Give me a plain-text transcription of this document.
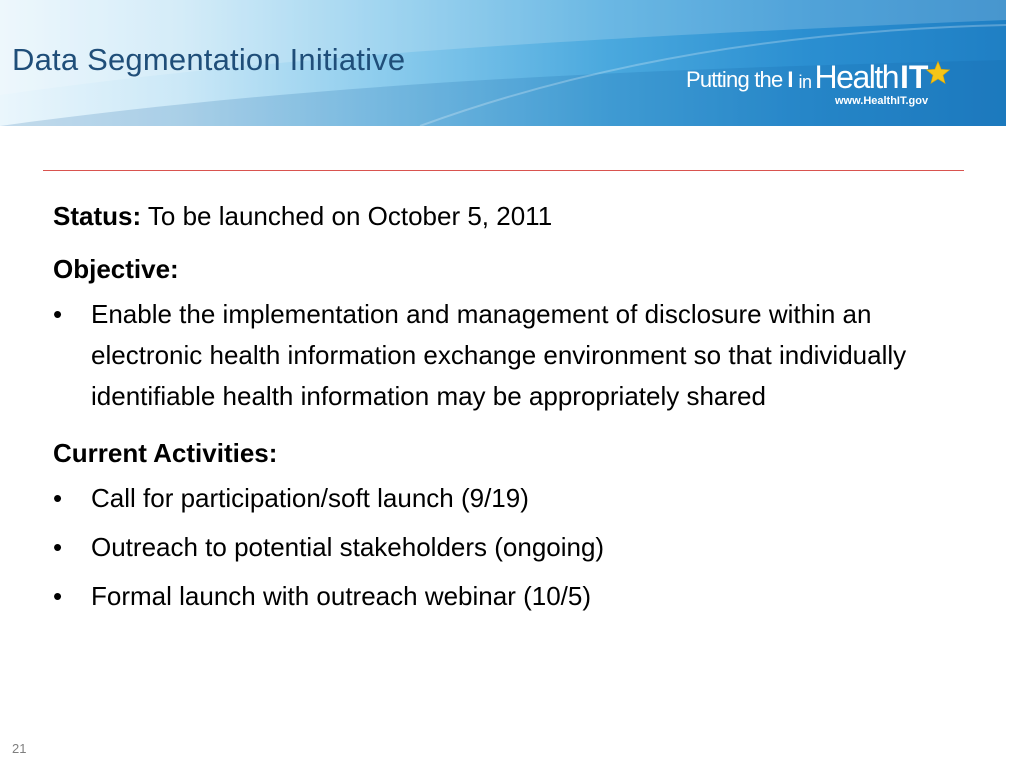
Data Segmentation Initiative
Putting the I in Health IT
www.HealthIT.gov

Status: To be launched on October 5, 2011

Objective:

• Enable the implementation and management of disclosure within an electronic health information exchange environment so that individually identifiable health information may be appropriately shared

Current Activities:

• Call for participation/soft launch (9/19)
• Outreach to potential stakeholders (ongoing)
• Formal launch with outreach webinar (10/5)
21
